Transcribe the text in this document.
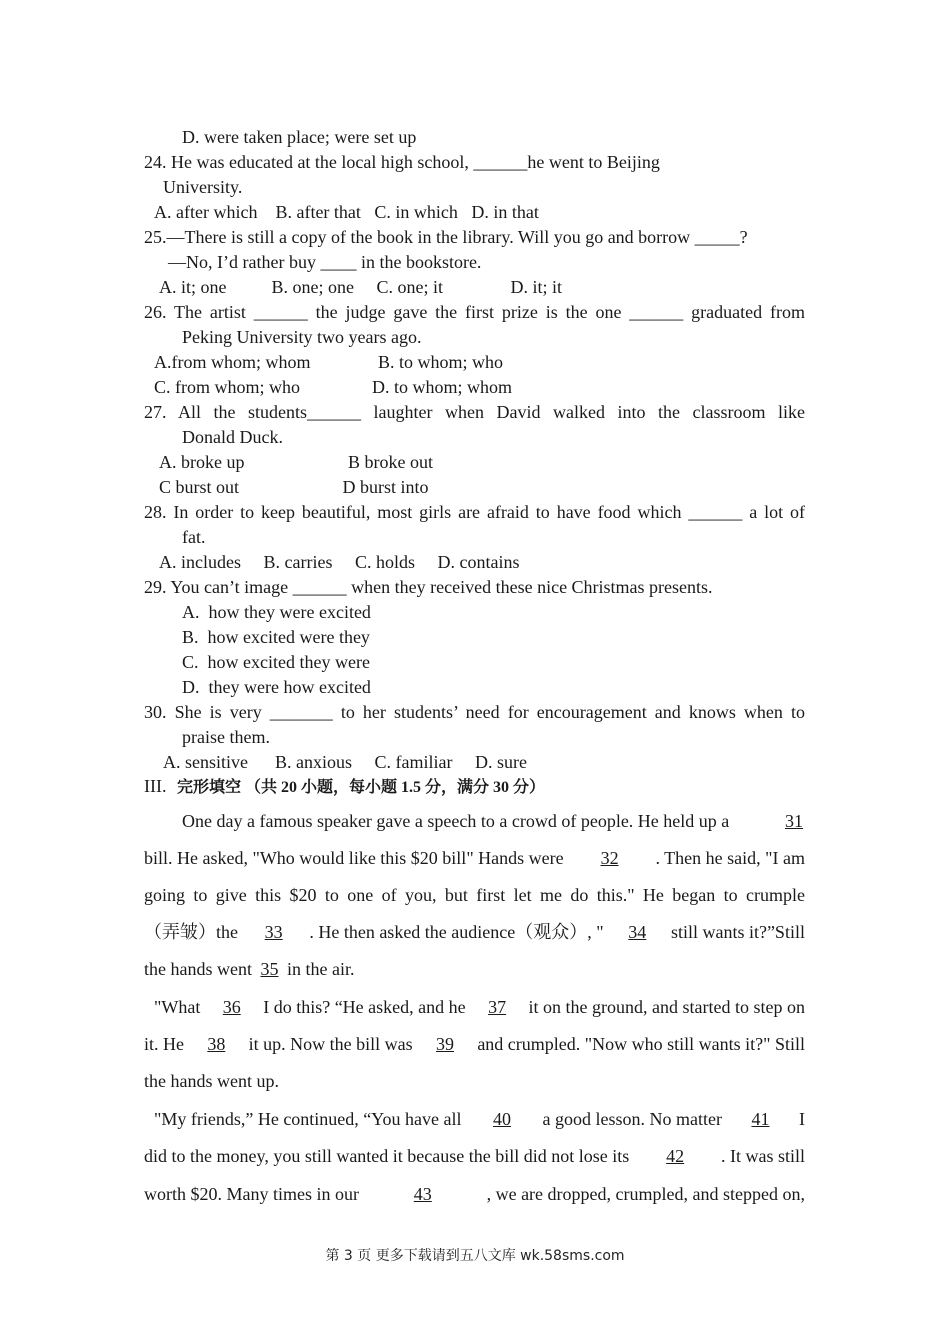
D. were taken place; were set up
24. He was educated at the local high school, ______he went to Beijing
University.
A. after which    B. after that   C. in which   D. in that
25.—There is still a copy of the book in the library. Will you go and borrow _____?
—No, I’d rather buy ____ in the bookstore.
A. it; one          B. one; one     C. one; it               D. it; it
26. The artist ______ the judge gave the first prize is the one ______ graduated from
Peking University two years ago.
A.from whom; whom               B. to whom; who
C. from whom; who                D. to whom; whom
27. All the students______ laughter when David walked into the classroom like
Donald Duck.
A. broke up                       B broke out
C burst out                       D burst into
28. In order to keep beautiful, most girls are afraid to have food which ______ a lot of
fat.
A. includes     B. carries     C. holds     D. contains
29. You can’t image ______ when they received these nice Christmas presents.
A.  how they were excited
B.  how excited were they
C.  how excited they were
D.  they were how excited
30. She is very _______ to her students’ need for encouragement and knows when to
praise them.
A. sensitive      B. anxious     C. familiar     D. sure
III. 完形填空 （共 20 小题，每小题 1.5 分，满分 30 分）
One day a famous speaker gave a speech to a crowd of people. He held up a	31
bill. He asked, "Who would like this $20 bill" Hands were	32	. Then he said, "I am
going to give this $20 to one of you, but first let me do this." He began to crumple
（弄皱）the	33	. He then asked the audience（观众）, "	34	still wants it?”Still
the hands went 35 in the air.
"What	36	I do this? “He asked, and he	37	it on the ground, and started to step on
it. He	38	it up. Now the bill was	39	and crumpled. "Now who still wants it?" Still
the hands went up.
"My friends,” He continued, “You have all	40	a good lesson. No matter	41	I
did to the money, you still wanted it because the bill did not lose its	42	. It was still
worth $20. Many times in our	43	, we are dropped, crumpled, and stepped on,
第 3 页 更多下载请到五八文库 wk.58sms.com
